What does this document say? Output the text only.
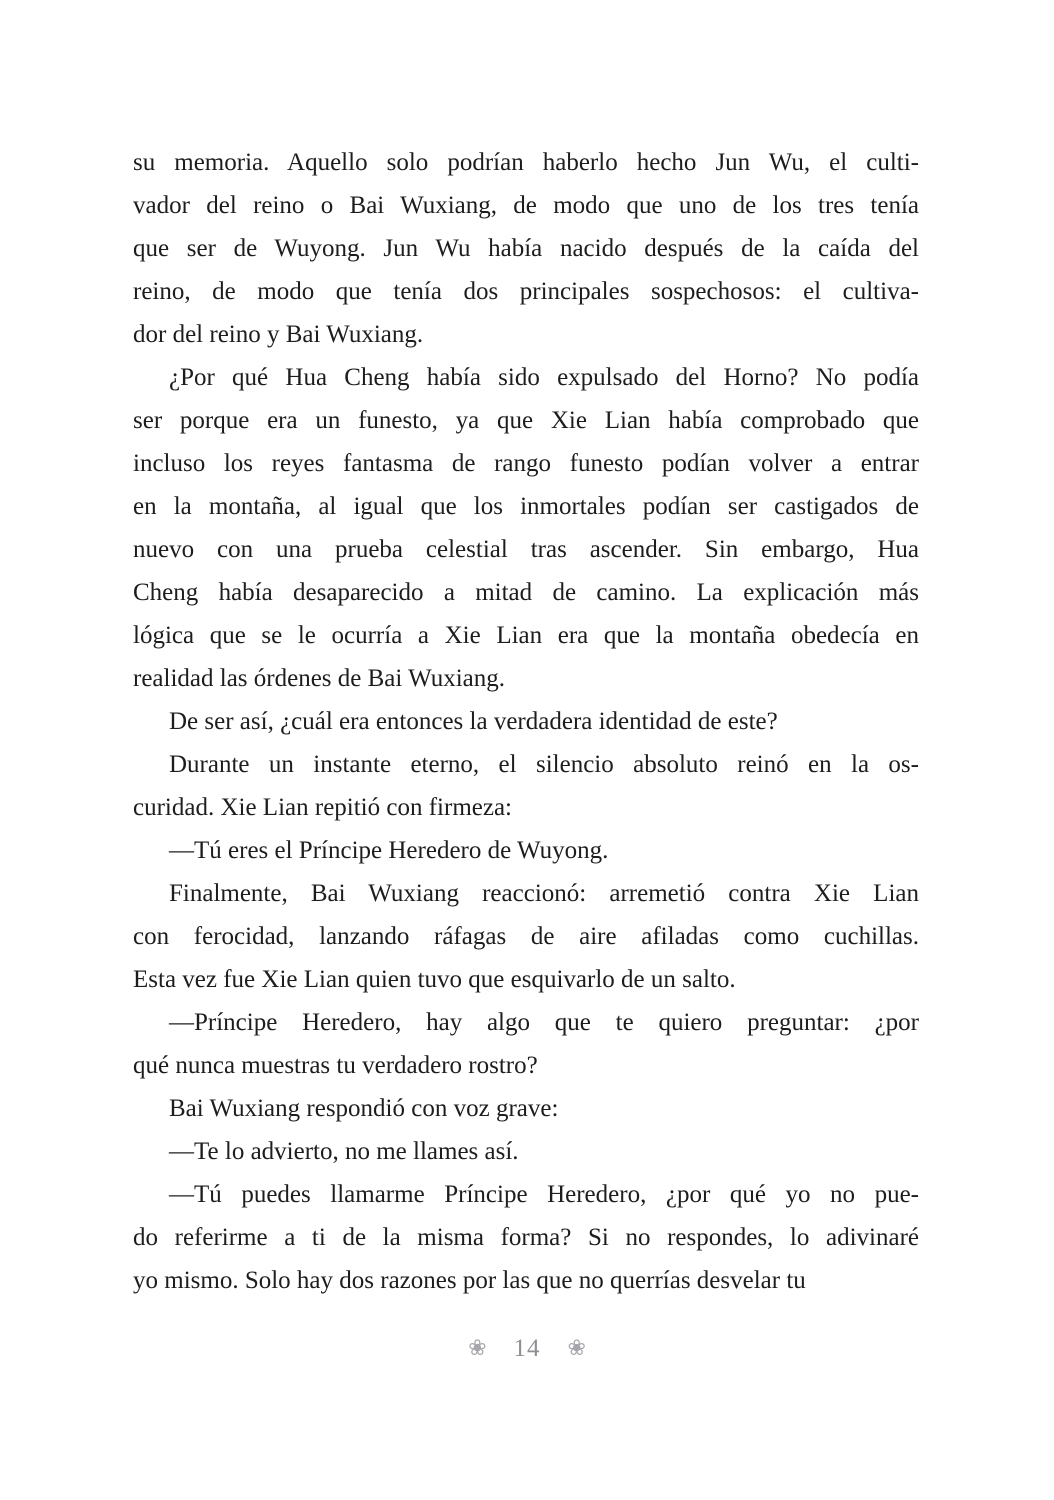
su memoria. Aquello solo podrían haberlo hecho Jun Wu, el culti-
vador del reino o Bai Wuxiang, de modo que uno de los tres tenía
que ser de Wuyong. Jun Wu había nacido después de la caída del
reino, de modo que tenía dos principales sospechosos: el cultiva-
dor del reino y Bai Wuxiang.

¿Por qué Hua Cheng había sido expulsado del Horno? No podía
ser porque era un funesto, ya que Xie Lian había comprobado que
incluso los reyes fantasma de rango funesto podían volver a entrar
en la montaña, al igual que los inmortales podían ser castigados de
nuevo con una prueba celestial tras ascender. Sin embargo, Hua
Cheng había desaparecido a mitad de camino. La explicación más
lógica que se le ocurría a Xie Lian era que la montaña obedecía en
realidad las órdenes de Bai Wuxiang.

De ser así, ¿cuál era entonces la verdadera identidad de este?

Durante un instante eterno, el silencio absoluto reinó en la os-
curidad. Xie Lian repitió con firmeza:

—Tú eres el Príncipe Heredero de Wuyong.

Finalmente, Bai Wuxiang reaccionó: arremetió contra Xie Lian
con ferocidad, lanzando ráfagas de aire afiladas como cuchillas.
Esta vez fue Xie Lian quien tuvo que esquivarlo de un salto.

—Príncipe Heredero, hay algo que te quiero preguntar: ¿por
qué nunca muestras tu verdadero rostro?

Bai Wuxiang respondió con voz grave:

—Te lo advierto, no me llames así.

—Tú puedes llamarme Príncipe Heredero, ¿por qué yo no pue-
do referirme a ti de la misma forma? Si no respondes, lo adivinaré
yo mismo. Solo hay dos razones por las que no querrías desvelar tu

❀ 14 ❀
